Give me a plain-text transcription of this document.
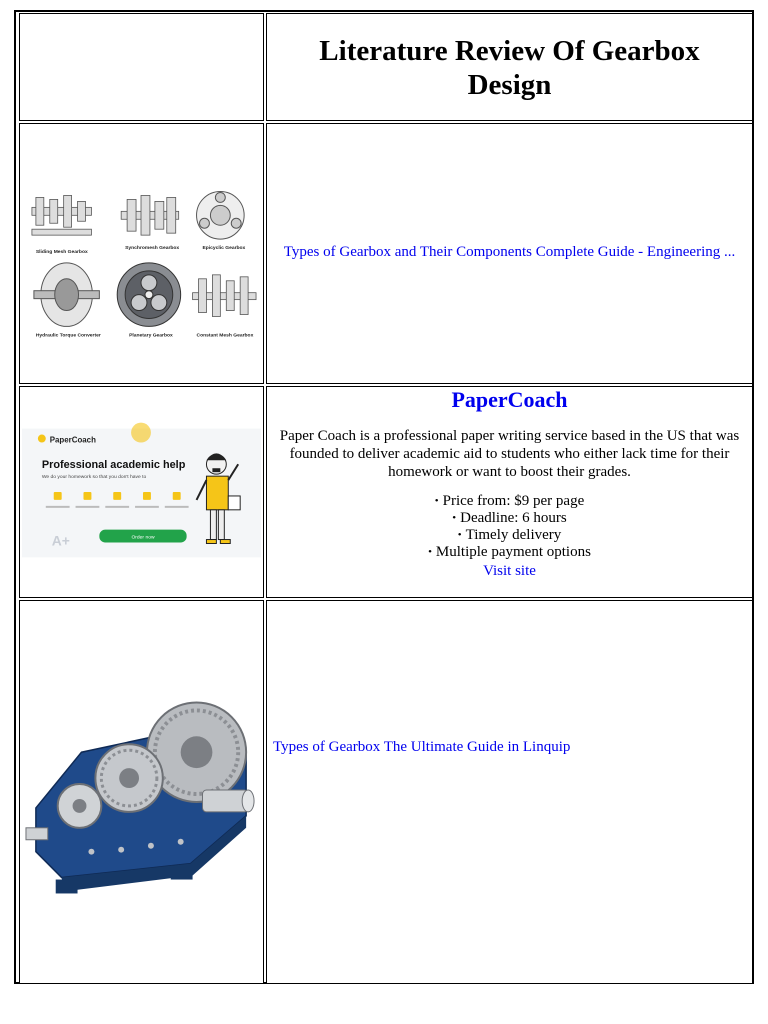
Literature Review Of Gearbox Design
Sliding Mesh Gearbox
Synchromesh Gearbox	Epicyclic Gearbox
Hydraulic Torque Converter	Planetary Gearbox	Constant Mesh Gearbox
Types of Gearbox and Their Components Complete Guide - Engineering ...
PaperCoach
Professional academic help
We do your homework so that you don't have to
Order now
A+
PaperCoach
Paper Coach is a professional paper writing service based in the US that was founded to deliver academic aid to students who either lack time for their homework or want to boost their grades.
• Price from: $9 per page
• Deadline: 6 hours
• Timely delivery
• Multiple payment options
Visit site
Types of Gearbox The Ultimate Guide in Linquip
